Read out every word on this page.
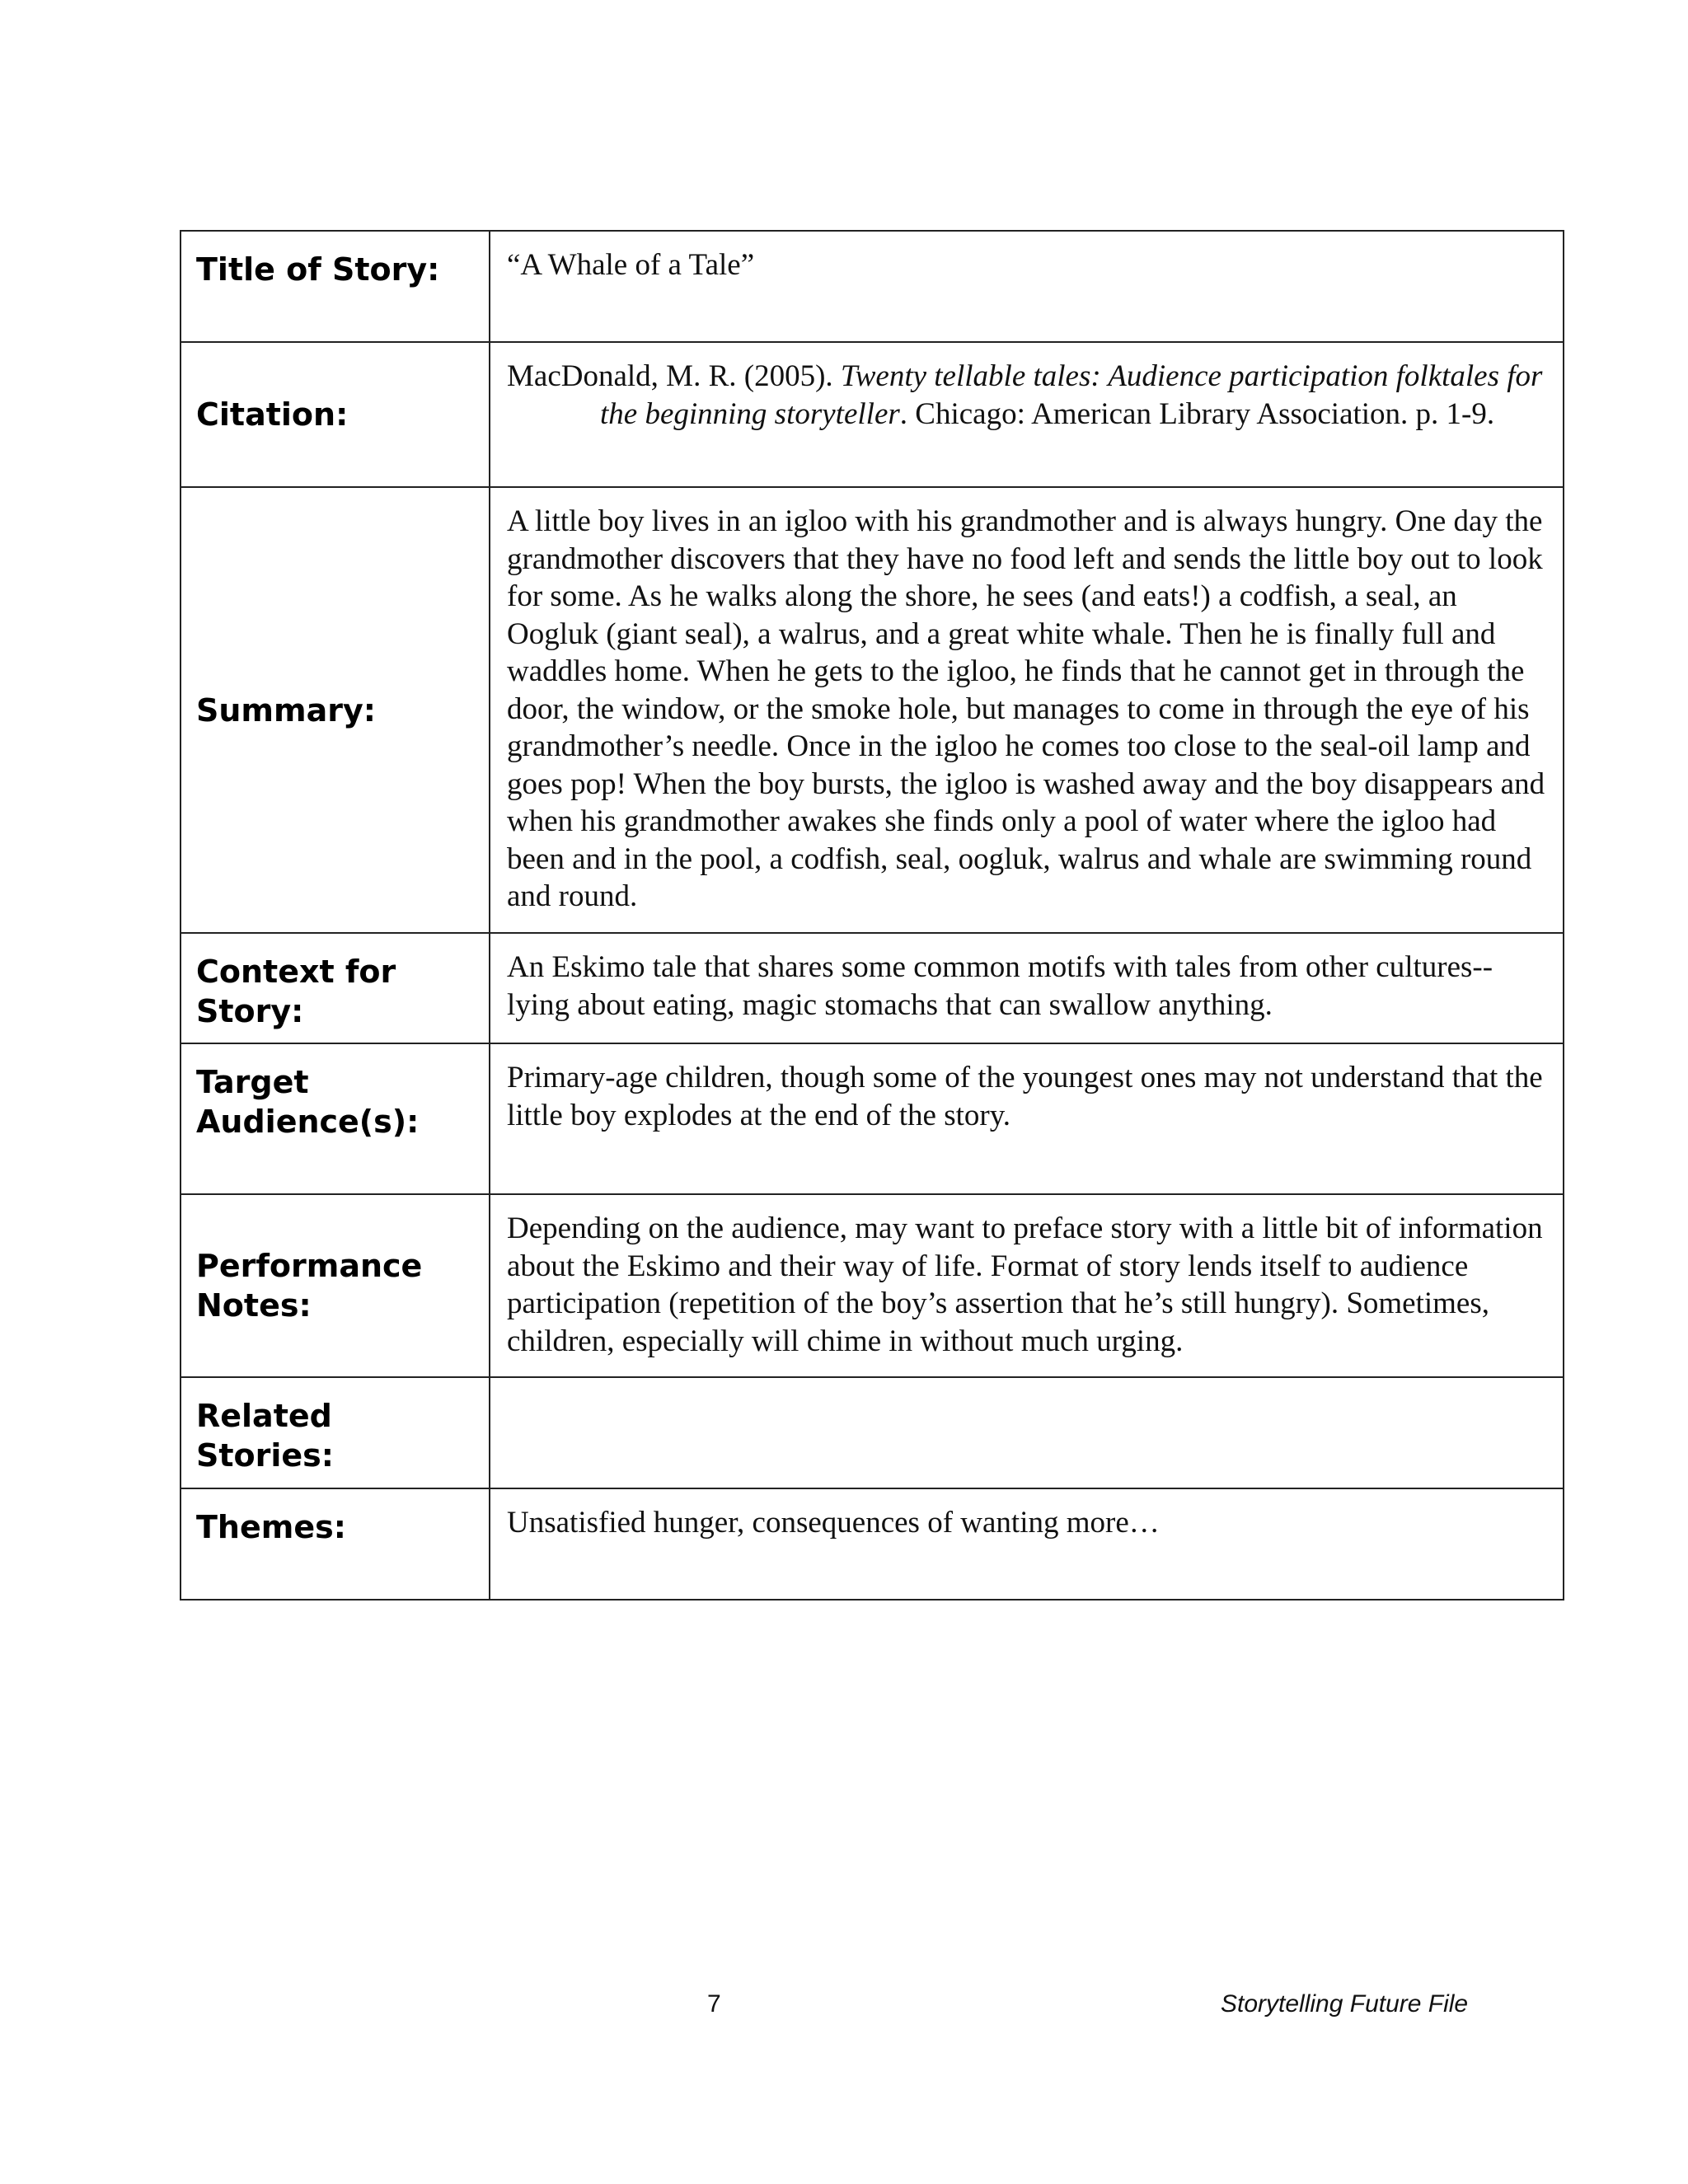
Title of Story:	“A Whale of a Tale”

Citation:	MacDonald, M. R. (2005). Twenty tellable tales: Audience participation folktales for the beginning storyteller. Chicago: American Library Association. p. 1-9.

Summary:	A little boy lives in an igloo with his grandmother and is always hungry. One day the grandmother discovers that they have no food left and sends the little boy out to look for some. As he walks along the shore, he sees (and eats!) a codfish, a seal, an Oogluk (giant seal), a walrus, and a great white whale. Then he is finally full and waddles home. When he gets to the igloo, he finds that he cannot get in through the door, the window, or the smoke hole, but manages to come in through the eye of his grandmother’s needle. Once in the igloo he comes too close to the seal-oil lamp and goes pop! When the boy bursts, the igloo is washed away and the boy disappears and when his grandmother awakes she finds only a pool of water where the igloo had been and in the pool, a codfish, seal, oogluk, walrus and whale are swimming round and round.

Context for Story:	An Eskimo tale that shares some common motifs with tales from other cultures--lying about eating, magic stomachs that can swallow anything.

Target Audience(s):	Primary-age children, though some of the youngest ones may not understand that the little boy explodes at the end of the story.

Performance Notes:	Depending on the audience, may want to preface story with a little bit of information about the Eskimo and their way of life. Format of story lends itself to audience participation (repetition of the boy’s assertion that he’s still hungry). Sometimes, children, especially will chime in without much urging.

Related Stories:	

Themes:	Unsatisfied hunger, consequences of wanting more…
7	Storytelling Future File
